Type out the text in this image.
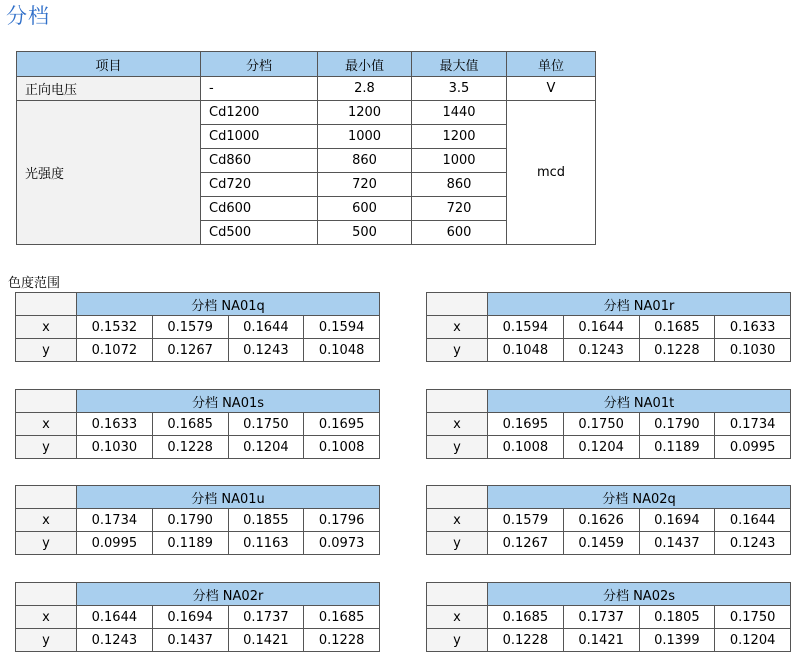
分档
项目	分档	最小值	最大值	单位
正向电压	-	2.8	3.5	V
光强度	Cd1200	1200	1440	mcd
	Cd1000	1000	1200	
	Cd860	860	1000	
	Cd720	720	860	
	Cd600	600	720	
	Cd500	500	600	
色度范围
	分档 NA01q			
x	0.1532	0.1579	0.1644	0.1594
y	0.1072	0.1267	0.1243	0.1048
	分档 NA01r			
x	0.1594	0.1644	0.1685	0.1633
y	0.1048	0.1243	0.1228	0.1030
	分档 NA01s			
x	0.1633	0.1685	0.1750	0.1695
y	0.1030	0.1228	0.1204	0.1008
	分档 NA01t			
x	0.1695	0.1750	0.1790	0.1734
y	0.1008	0.1204	0.1189	0.0995
	分档 NA01u			
x	0.1734	0.1790	0.1855	0.1796
y	0.0995	0.1189	0.1163	0.0973
	分档 NA02q			
x	0.1579	0.1626	0.1694	0.1644
y	0.1267	0.1459	0.1437	0.1243
	分档 NA02r			
x	0.1644	0.1694	0.1737	0.1685
y	0.1243	0.1437	0.1421	0.1228
	分档 NA02s			
x	0.1685	0.1737	0.1805	0.1750
y	0.1228	0.1421	0.1399	0.1204
